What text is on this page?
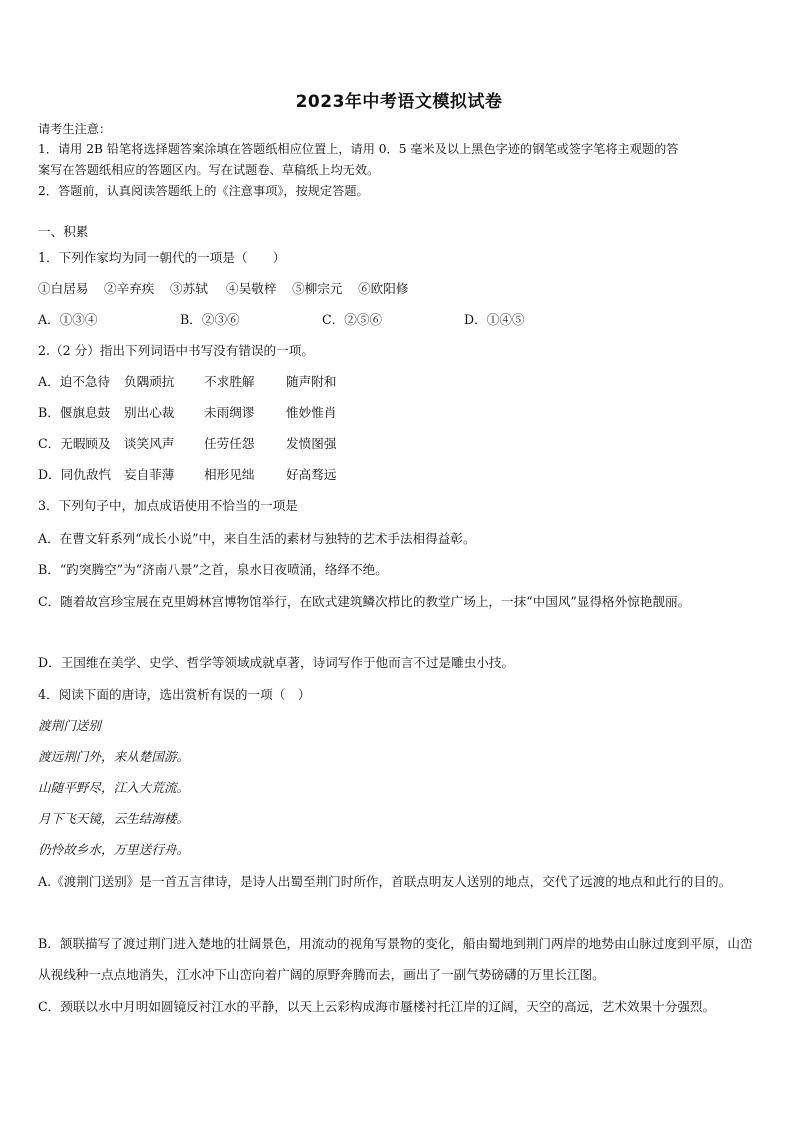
2023年中考语文模拟试卷
请考生注意：
1．请用 2B 铅笔将选择题答案涂填在答题纸相应位置上，请用 0．5 毫米及以上黑色字迹的钢笔或签字笔将主观题的答
案写在答题纸相应的答题区内。写在试题卷、草稿纸上均无效。
2．答题前，认真阅读答题纸上的《注意事项》，按规定答题。
一、积累
1．下列作家均为同一朝代的一项是（　　）
①白居易 ②辛弃疾 ③苏轼 ④吴敬梓 ⑤柳宗元 ⑥欧阳修
A．①③④	B．②③⑥	C．②⑤⑥	D．①④⑤
2.（2 分）指出下列词语中书写没有错误的一项。
A．迫不急待 负隅顽抗 不求胜解	随声附和
B．偃旗息鼓 别出心裁 未雨绸谬	惟妙惟肖
C．无暇顾及 谈笑风声 任劳任怨	发愤图强
D．同仇敌忾 妄自菲薄 相形见绌	好高骛远
3．下列句子中，加点成语使用不恰当的一项是
A．在曹文轩系列“成长小说”中，来自生活的素材与独特的艺术手法相得益彰。
B．“趵突腾空”为“济南八景”之首，泉水日夜喷涌，络绎不绝。
C．随着故宫珍宝展在克里姆林宫博物馆举行，在欧式建筑鳞次栉比的教堂广场上，一抹“中国风”显得格外惊艳靓丽。
D．王国维在美学、史学、哲学等领域成就卓著，诗词写作于他而言不过是雕虫小技。
4．阅读下面的唐诗，选出赏析有误的一项（　）
渡荆门送别
渡远荆门外，来从楚国游。
山随平野尽，江入大荒流。
月下飞天镜，云生结海楼。
仍怜故乡水，万里送行舟。
A.《渡荆门送别》是一首五言律诗，是诗人出蜀至荆门时所作，首联点明友人送别的地点，交代了远渡的地点和此行的目的。
B．颔联描写了渡过荆门进入楚地的壮阔景色，用流动的视角写景物的变化，船由蜀地到荆门两岸的地势由山脉过度到平原，山峦从视线种一点点地消失，江水冲下山峦向着广阔的原野奔腾而去，画出了一副气势磅礴的万里长江图。
C．颈联以水中月明如圆镜反衬江水的平静，以天上云彩构成海市蜃楼衬托江岸的辽阔，天空的高远，艺术效果十分强烈。
